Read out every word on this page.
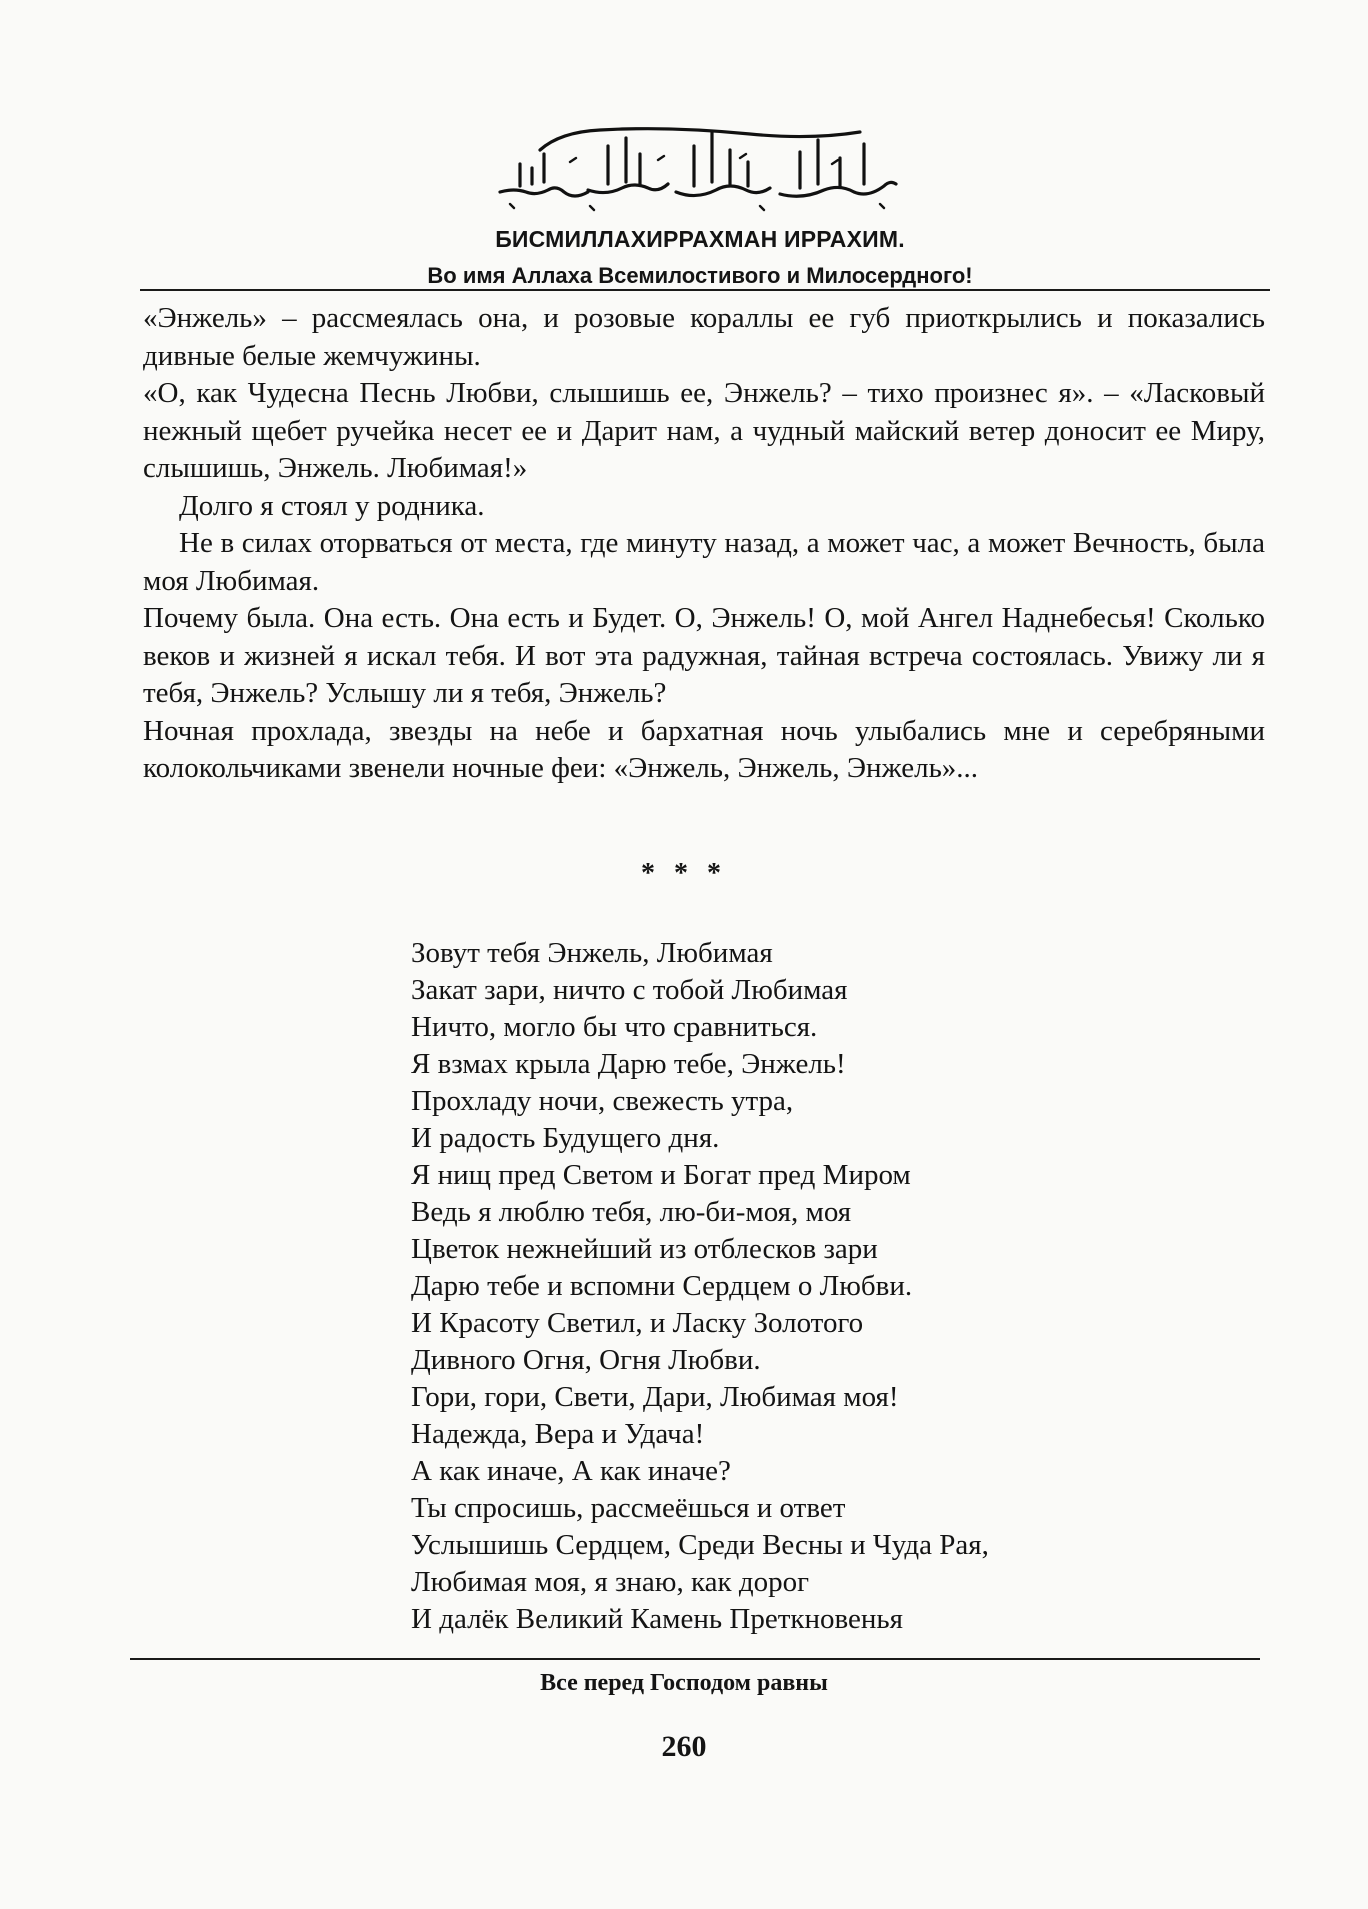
БИСМИЛЛАХИРРАХМАН ИРРАХИМ.
Во имя Аллаха Всемилостивого и Милосердного!

«Энжель» – рассмеялась она, и розовые кораллы ее губ приоткрылись и показались дивные белые жемчужины.

«О, как Чудесна Песнь Любви, слышишь ее, Энжель? – тихо произнес я». – «Ласковый нежный щебет ручейка несет ее и Дарит нам, а чудный майский ветер доносит ее Миру, слышишь, Энжель. Любимая!»

Долго я стоял у родника.

Не в силах оторваться от места, где минуту назад, а может час, а может Вечность, была моя Любимая.

Почему была. Она есть. Она есть и Будет. О, Энжель! О, мой Ангел Наднебесья! Сколько веков и жизней я искал тебя. И вот эта радужная, тайная встреча состоялась. Увижу ли я тебя, Энжель? Услышу ли я тебя, Энжель?

Ночная прохлада, звезды на небе и бархатная ночь улыбались мне и серебряными колокольчиками звенели ночные феи: «Энжель, Энжель, Энжель»...

* * *
Зовут тебя Энжель, Любимая
Закат зари, ничто с тобой Любимая
Ничто, могло бы что сравниться.
Я взмах крыла Дарю тебе, Энжель!
Прохладу ночи, свежесть утра,
И радость Будущего дня.
Я нищ пред Светом и Богат пред Миром
Ведь я люблю тебя, лю-би-моя, моя
Цветок нежнейший из отблесков зари
Дарю тебе и вспомни Сердцем о Любви.
И Красоту Светил, и Ласку Золотого
Дивного Огня, Огня Любви.
Гори, гори, Свети, Дари, Любимая моя!
Надежда, Вера и Удача!
А как иначе, А как иначе?
Ты спросишь, рассмеёшься и ответ
Услышишь Сердцем, Среди Весны и Чуда Рая,
Любимая моя, я знаю, как дорог
И далёк Великий Камень Преткновенья
Все перед Господом равны
260
